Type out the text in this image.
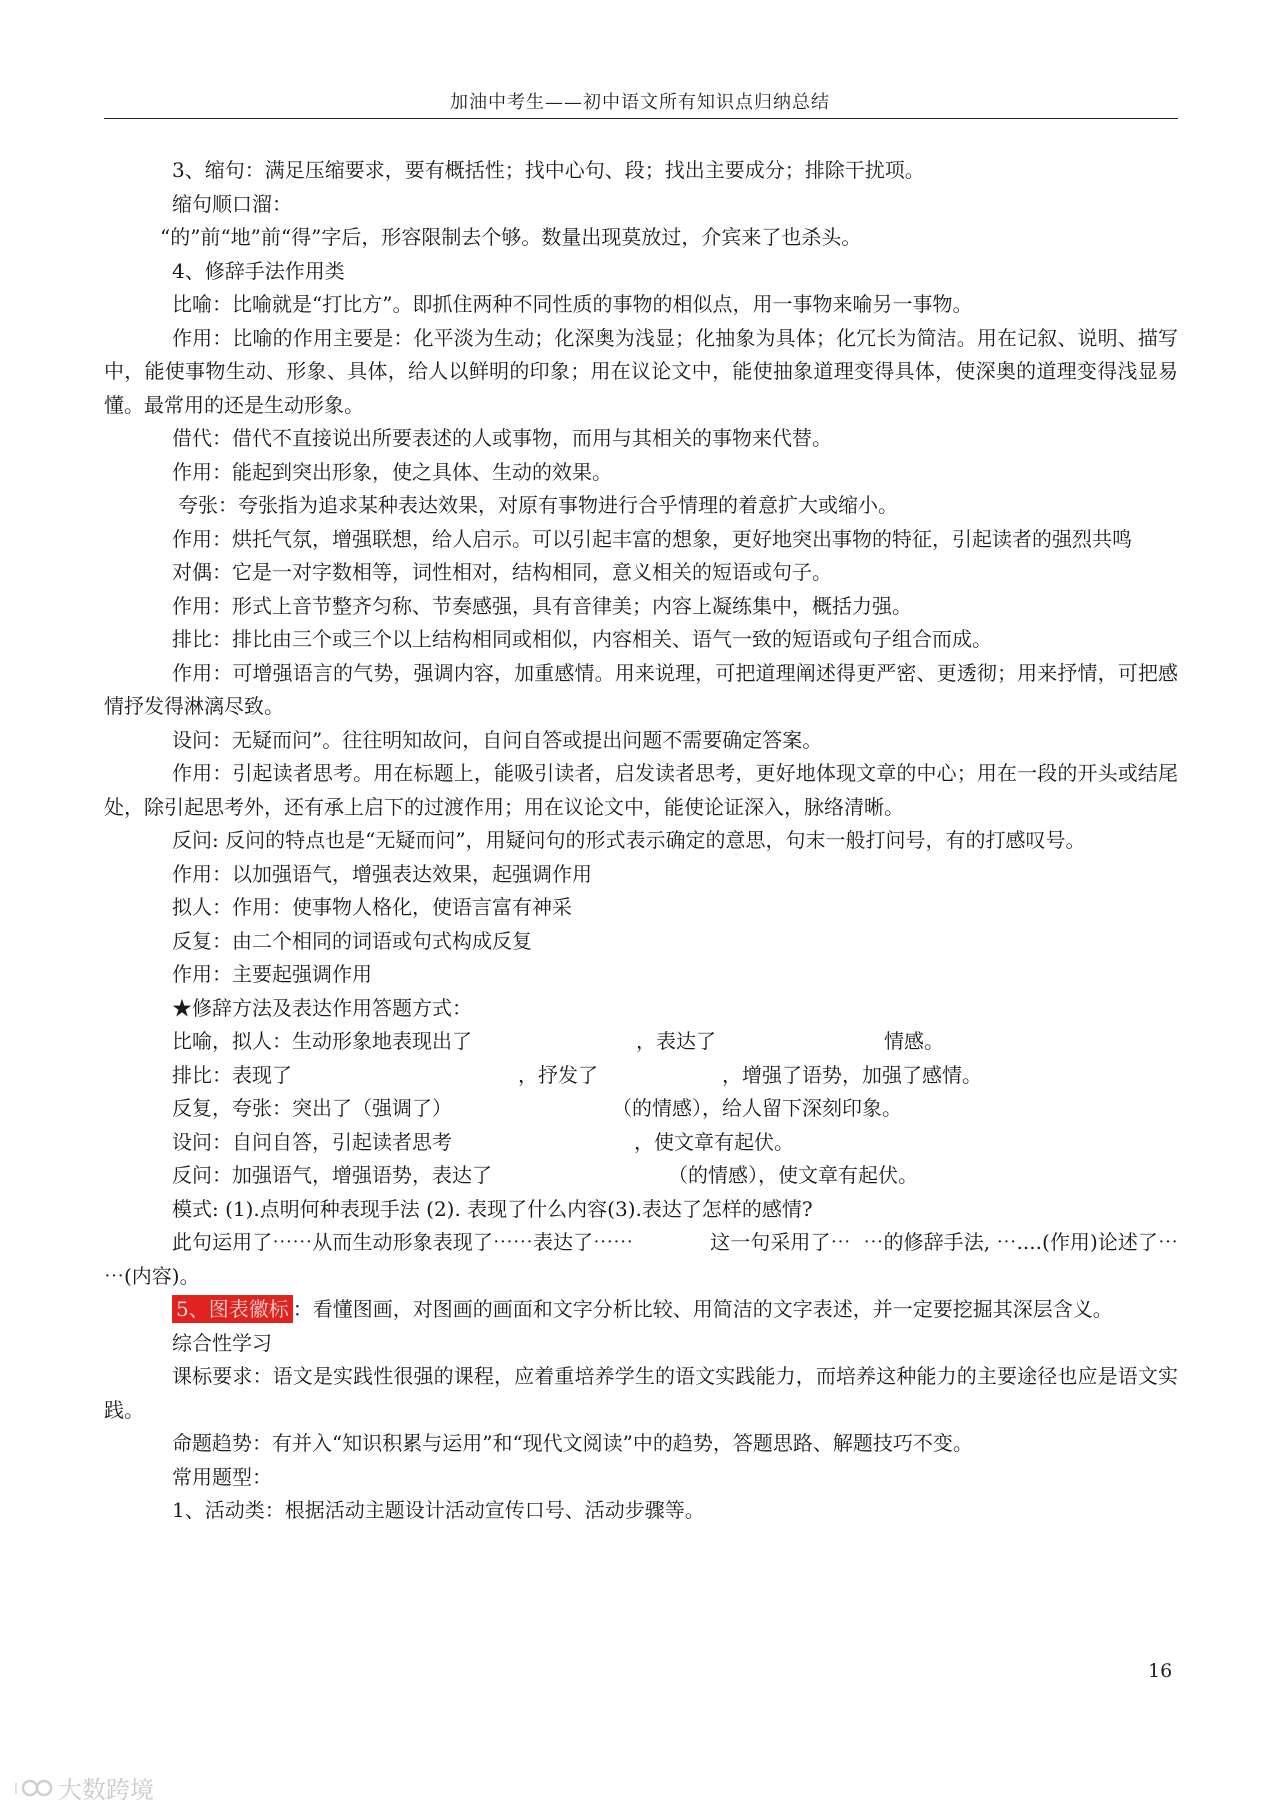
加油中考生——初中语文所有知识点归纳总结
3、缩句：满足压缩要求，要有概括性；找中心句、段；找出主要成分；排除干扰项。
缩句顺口溜：
“的”前“地”前“得”字后，形容限制去个够。数量出现莫放过，介宾来了也杀头。
4、修辞手法作用类
比喻：比喻就是“打比方”。即抓住两种不同性质的事物的相似点，用一事物来喻另一事物。
作用：比喻的作用主要是：化平淡为生动；化深奥为浅显；化抽象为具体；化冗长为简洁。用在记叙、说明、描写中，能使事物生动、形象、具体，给人以鲜明的印象；用在议论文中，能使抽象道理变得具体，使深奥的道理变得浅显易懂。最常用的还是生动形象。
借代：借代不直接说出所要表述的人或事物，而用与其相关的事物来代替。
作用：能起到突出形象，使之具体、生动的效果。
夸张：夸张指为追求某种表达效果，对原有事物进行合乎情理的着意扩大或缩小。
作用：烘托气氛，增强联想，给人启示。可以引起丰富的想象，更好地突出事物的特征，引起读者的强烈共鸣
对偶：它是一对字数相等，词性相对，结构相同，意义相关的短语或句子。
作用：形式上音节整齐匀称、节奏感强，具有音律美；内容上凝练集中，概括力强。
排比：排比由三个或三个以上结构相同或相似，内容相关、语气一致的短语或句子组合而成。
作用：可增强语言的气势，强调内容，加重感情。用来说理，可把道理阐述得更严密、更透彻；用来抒情，可把感情抒发得淋漓尽致。
设问：无疑而问”。往往明知故问，自问自答或提出问题不需要确定答案。
作用：引起读者思考。用在标题上，能吸引读者，启发读者思考，更好地体现文章的中心；用在一段的开头或结尾处，除引起思考外，还有承上启下的过渡作用；用在议论文中，能使论证深入，脉络清晰。
反问: 反问的特点也是“无疑而问”，用疑问句的形式表示确定的意思，句末一般打问号，有的打感叹号。
作用：以加强语气，增强表达效果，起强调作用
拟人：作用：使事物人格化，使语言富有神采
反复：由二个相同的词语或句式构成反复
作用：主要起强调作用
★修辞方法及表达作用答题方式：
比喻，拟人：生动形象地表现出了	，表达了	情感。
排比：表现了	，抒发了	，增强了语势，加强了感情。
反复，夸张：突出了（强调了）	（的情感），给人留下深刻印象。
设问：自问自答，引起读者思考	，使文章有起伏。
反问：加强语气，增强语势，表达了	（的情感），使文章有起伏。
模式: (1).点明何种表现手法 (2). 表现了什么内容(3).表达了怎样的感情?
此句运用了⋯⋯从而生动形象表现了⋯⋯表达了⋯⋯            这一句采用了⋯  ⋯的修辞手法, ⋯....(作用)论述了⋯  ⋯(内容)。
5、图表徽标 ：看懂图画，对图画的画面和文字分析比较、用简洁的文字表述，并一定要挖掘其深层含义。
综合性学习
课标要求：语文是实践性很强的课程，应着重培养学生的语文实践能力，而培养这种能力的主要途径也应是语文实践。
命题趋势：有并入“知识积累与运用”和“现代文阅读”中的趋势，答题思路、解题技巧不变。
常用题型：
1、活动类：根据活动主题设计活动宣传口号、活动步骤等。
16
l 大数跨境
